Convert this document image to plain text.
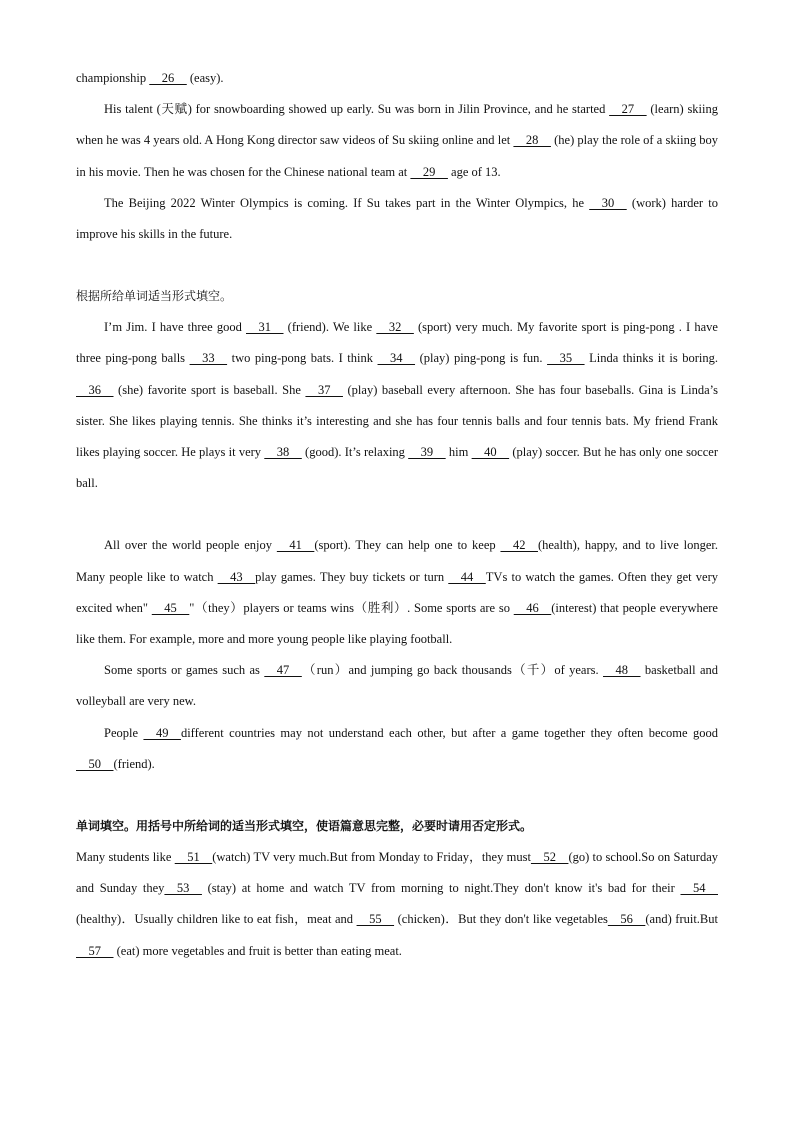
championship     26     (easy).

His talent (天赋) for snowboarding showed up early. Su was born in Jilin Province, and he started     27     (learn) skiing when he was 4 years old. A Hong Kong director saw videos of Su skiing online and let     28     (he) play the role of a skiing boy in his movie. Then he was chosen for the Chinese national team at     29     age of 13.

The Beijing 2022 Winter Olympics is coming. If Su takes part in the Winter Olympics, he     30     (work) harder to improve his skills in the future.

根据所给单词适当形式填空。

I’m Jim. I have three good     31     (friend). We like     32     (sport) very much. My favorite sport is ping-pong . I have three ping-pong balls     33     two ping-pong bats. I think     34     (play) ping-pong is fun.     35     Linda thinks it is boring.     36     (she) favorite sport is baseball. She     37     (play) baseball every afternoon. She has four baseballs. Gina is Linda’s sister. She likes playing tennis. She thinks it’s interesting and she has four tennis balls and four tennis bats. My friend Frank likes playing soccer. He plays it very     38     (good). It’s relaxing     39     him     40     (play) soccer. But he has only one soccer ball.

All over the world people enjoy     41    (sport). They can help one to keep     42    (health), happy, and to live longer. Many people like to watch     43    play games. They buy tickets or turn     44    TVs to watch the games. Often they get very excited when"     45    "（they）players or teams wins（胜利）. Some sports are so     46    (interest) that people everywhere like them. For example, more and more young people like playing football.

Some sports or games such as     47    （run）and jumping go back thousands（千）of years.     48     basketball and volleyball are very new.

People     49    different countries may not understand each other, but after a game together they often become good     50    (friend).

单词填空。用括号中所给词的适当形式填空，使语篇意思完整，必要时请用否定形式。

Many students like     51    (watch) TV very much.But from Monday to Friday，they must    52    (go) to school.So on Saturday and Sunday they    53     (stay) at home and watch TV from morning to night.They don't know it's bad for their     54     (healthy)．Usually children like to eat fish，meat and     55     (chicken)．But they don't like vegetables    56    (and) fruit.But     57     (eat) more vegetables and fruit is better than eating meat.
